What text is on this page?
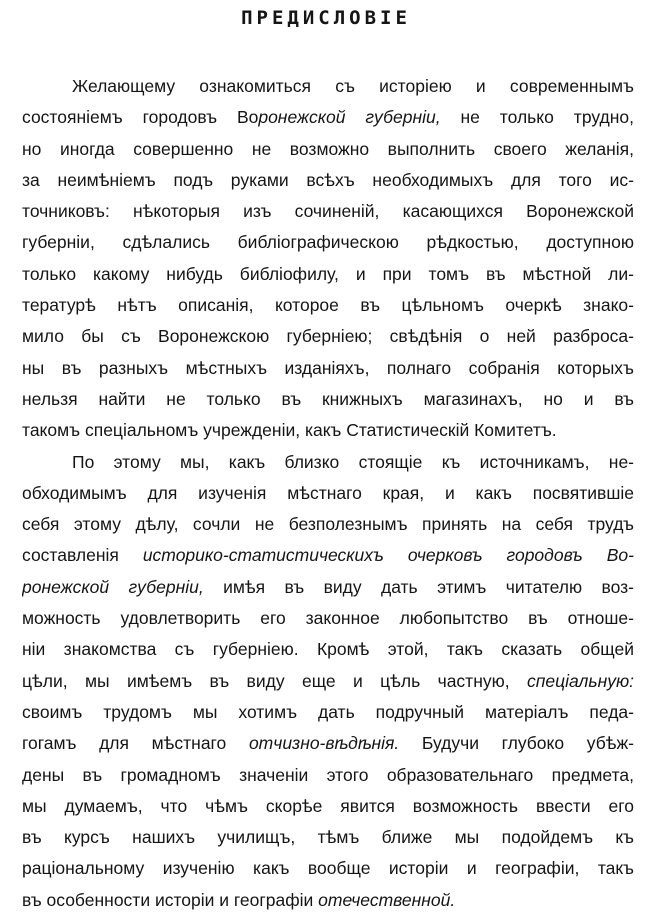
ПРЕДИСЛОВІЕ
Желающему ознакомиться съ исторіею и современнымъ
состояніемъ городовъ Воронежской губерніи, не только трудно,
но иногда совершенно не возможно выполнить своего желанія,
за неимѣніемъ подъ руками всѣхъ необходимыхъ для того ис-
точниковъ: нѣкоторыя изъ сочиненій, касающихся Воронежской
губерніи, сдѣлались библіографическою рѣдкостью, доступною
только какому нибудь библіофилу, и при томъ въ мѣстной ли-
тературѣ нѣтъ описанія, которое въ цѣльномъ очеркѣ знако-
мило бы съ Воронежскою губерніею; свѣдѣнія о ней разброса-
ны въ разныхъ мѣстныхъ изданіяхъ, полнаго собранія которыхъ
нельзя найти не только въ книжныхъ магазинахъ, но и въ
такомъ спеціальномъ учрежденіи, какъ Статистическій Комитетъ.
По этому мы, какъ близко стоящіе къ источникамъ, не-
обходимымъ для изученія мѣстнаго края, и какъ посвятившіе
себя этому дѣлу, сочли не безполезнымъ принять на себя трудъ
составленія историко-статистическихъ очерковъ городовъ Во-
ронежской губерніи, имѣя въ виду дать этимъ читателю воз-
можность удовлетворить его законное любопытство въ отноше-
ніи знакомства съ губерніею. Кромѣ этой, такъ сказать общей
цѣли, мы имѣемъ въ виду еще и цѣль частную, спеціальную:
своимъ трудомъ мы хотимъ дать подручный матеріалъ педа-
гогамъ для мѣстнаго отчизно-вѣдѣнія. Будучи глубоко убѣж-
дены въ громадномъ значеніи этого образовательнаго предмета,
мы думаемъ, что чѣмъ скорѣе явится возможность ввести его
въ курсъ нашихъ училищъ, тѣмъ ближе мы подойдемъ къ
раціональному изученію какъ вообще исторіи и географіи, такъ
въ особенности исторіи и географіи отечественной.
